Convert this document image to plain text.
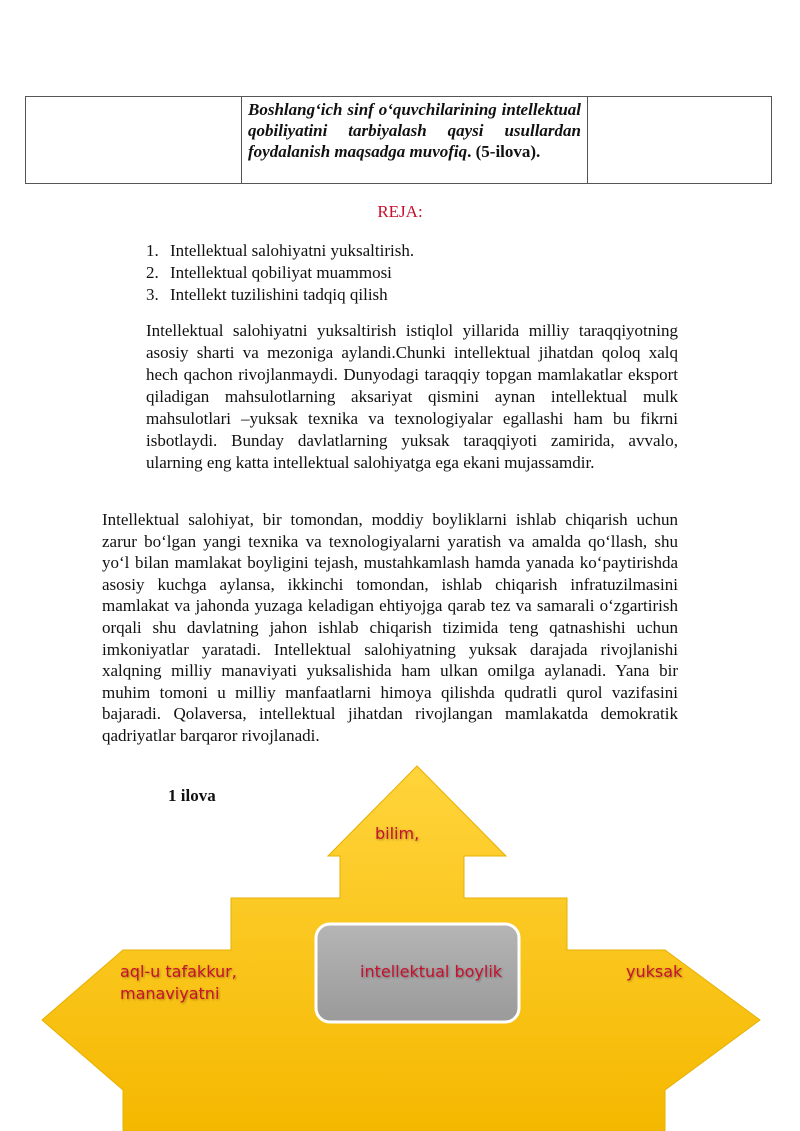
Boshlang‘ich sinf o‘quvchilarining intellektual qobiliyatini tarbiyalash qaysi usullardan foydalanish maqsadga muvofiq. (5-ilova).
REJA:
1. Intellektual salohiyatni yuksaltirish.
2. Intellektual qobiliyat muammosi
3. Intellekt tuzilishini tadqiq qilish

Intellektual salohiyatni yuksaltirish istiqlol yillarida milliy taraqqiyotning asosiy sharti va mezoniga aylandi.Chunki intellektual jihatdan qoloq xalq hech qachon rivojlanmaydi. Dunyodagi taraqqiy topgan mamlakatlar eksport qiladigan mahsulotlarning aksariyat qismini aynan intellektual mulk mahsulotlari –yuksak texnika va texnologiyalar egallashi ham bu fikrni isbotlaydi. Bunday davlatlarning yuksak taraqqiyoti zamirida, avvalo, ularning eng katta intellektual salohiyatga ega ekani mujassamdir.

Intellektual salohiyat, bir tomondan, moddiy boyliklarni ishlab chiqarish uchun zarur bo‘lgan yangi texnika va texnologiyalarni yaratish va amalda qo‘llash, shu yo‘l bilan mamlakat boyligini tejash, mustahkamlash hamda yanada ko‘paytirishda asosiy kuchga aylansa, ikkinchi tomondan, ishlab chiqarish infratuzilmasini mamlakat va jahonda yuzaga keladigan ehtiyojga qarab tez va samarali o‘zgartirish orqali shu davlatning jahon ishlab chiqarish tizimida teng qatnashishi uchun imkoniyatlar yaratadi. Intellektual salohiyatning yuksak darajada rivojlanishi xalqning milliy manaviyati yuksalishida ham ulkan omilga aylanadi. Yana bir muhim tomoni u milliy manfaatlarni himoya qilishda qudratli qurol vazifasini bajaradi. Qolaversa, intellektual jihatdan rivojlangan mamlakatda demokratik qadriyatlar barqaror rivojlanadi.

1 ilova
bilim,
intellektual boylik
aql-u tafakkur,
manaviyatni
yuksak
